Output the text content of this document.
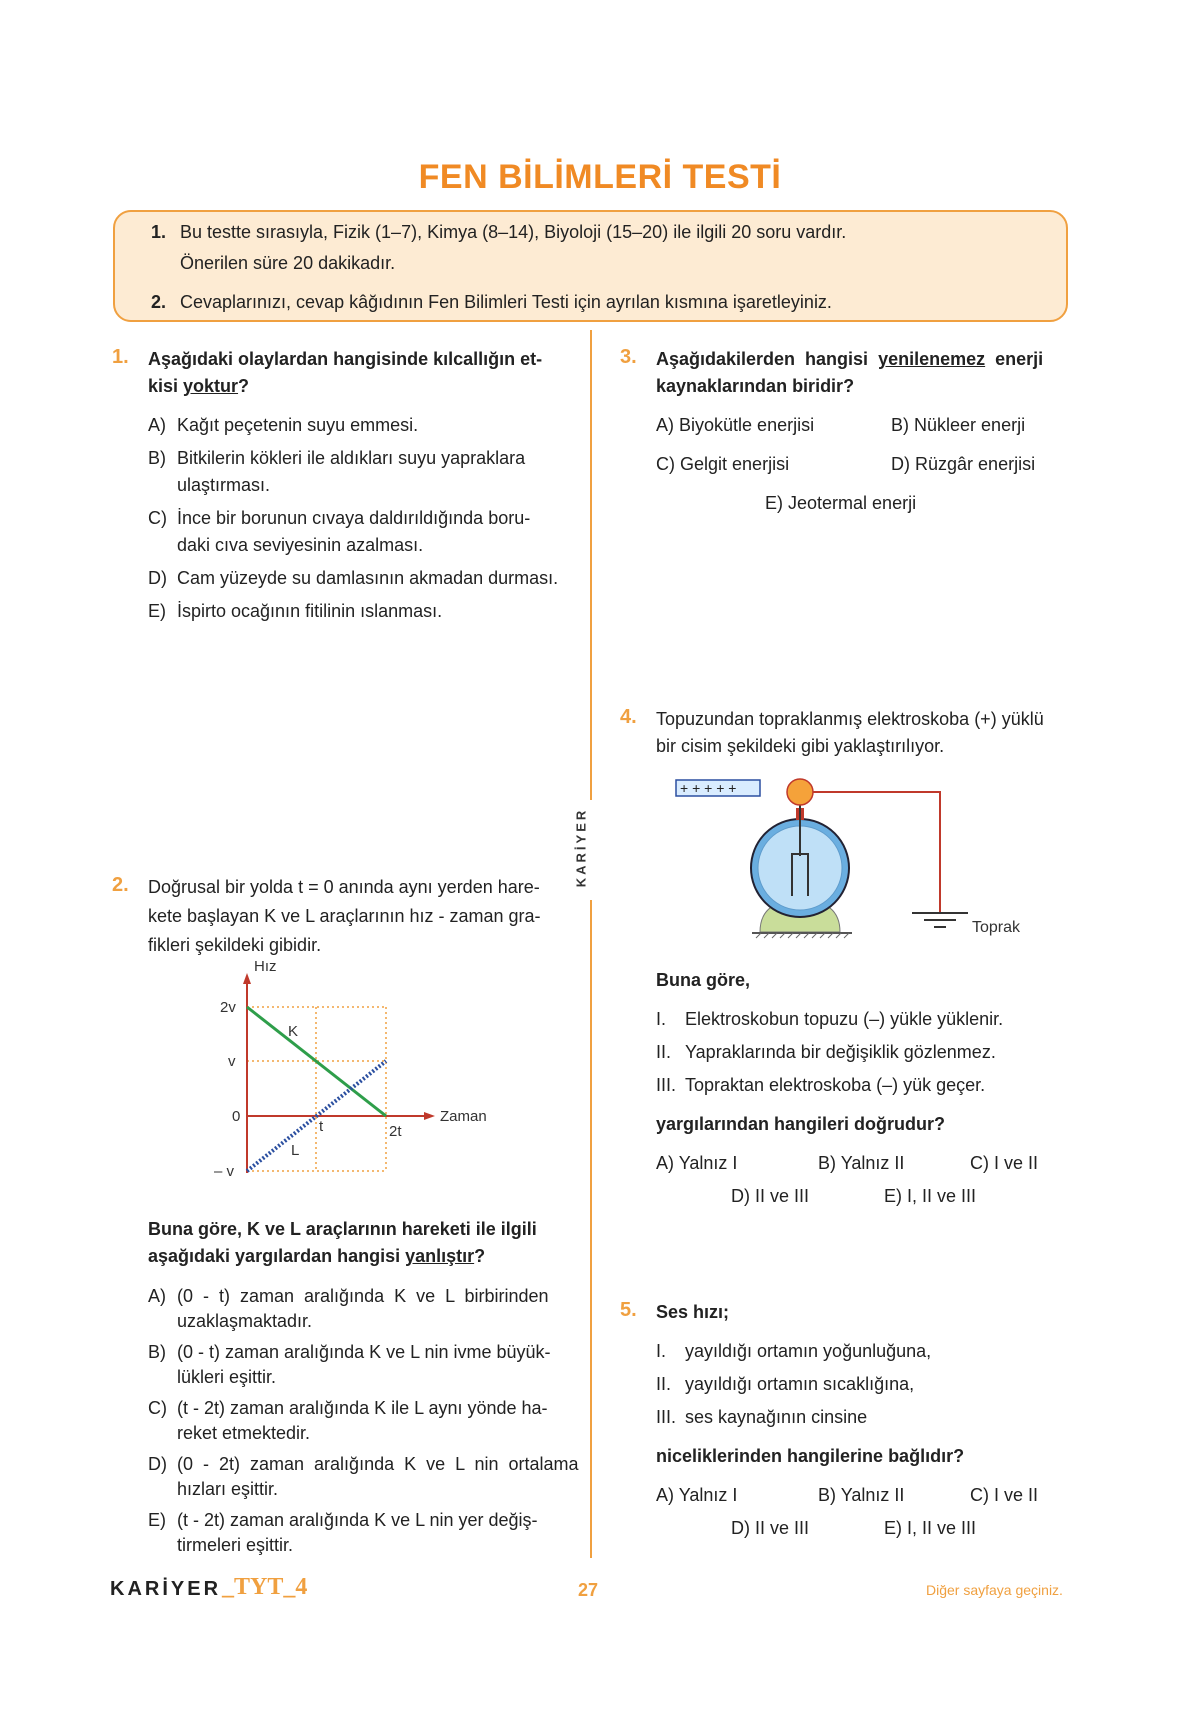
FEN BİLİMLERİ TESTİ
1. Bu testte sırasıyla, Fizik (1–7), Kimya (8–14), Biyoloji (15–20) ile ilgili 20 soru vardır.
Önerilen süre 20 dakikadır.
2. Cevaplarınızı, cevap kâğıdının Fen Bilimleri Testi için ayrılan kısmına işaretleyiniz.
KARİYER
1. Aşağıdaki olaylardan hangisinde kılcallığın et-
kisi yoktur?
A) Kağıt peçetenin suyu emmesi.
B) Bitkilerin kökleri ile aldıkları suyu yapraklara
ulaştırması.
C) İnce bir borunun cıvaya daldırıldığında boru-
daki cıva seviyesinin azalması.
D) Cam yüzeyde su damlasının akmadan durması.
E) İspirto ocağının fitilinin ıslanması.
2. Doğrusal bir yolda t = 0 anında aynı yerden hare-
kete başlayan K ve L araçlarının hız - zaman gra-
fikleri şekildeki gibidir.
Hız
Zaman
2v
v
0
– v
t	2t
K
L
Buna göre, K ve L araçlarının hareketi ile ilgili
aşağıdaki yargılardan hangisi yanlıştır?
A) (0  -  t)  zaman  aralığında  K  ve  L  birbirinden
uzaklaşmaktadır.
B) (0 - t) zaman aralığında K ve L nin ivme büyük-
lükleri eşittir.
C) (t - 2t) zaman aralığında K ile L aynı yönde ha-
reket etmektedir.
D) (0  -  2t)  zaman  aralığında  K  ve  L  nin  ortalama
hızları eşittir.
E) (t - 2t) zaman aralığında K ve L nin yer değiş-
tirmeleri eşittir.
3. Aşağıdakilerden  hangisi  yenilenemez  enerji
kaynaklarından biridir?
A) Biyokütle enerjisi	B) Nükleer enerji
C) Gelgit enerjisi	D) Rüzgâr enerjisi
E) Jeotermal enerji
4. Topuzundan topraklanmış elektroskoba (+) yüklü
bir cisim şekildeki gibi yaklaştırılıyor.
+ + + + +
Toprak
Buna göre,
I. Elektroskobun topuzu (–) yükle yüklenir.
II. Yapraklarında bir değişiklik gözlenmez.
III. Topraktan elektroskoba (–) yük geçer.
yargılarından hangileri doğrudur?
A) Yalnız I	B) Yalnız II	C) I ve II
D) II ve III	E) I, II ve III
5. Ses hızı;
I. yayıldığı ortamın yoğunluğuna,
II. yayıldığı ortamın sıcaklığına,
III. ses kaynağının cinsine
niceliklerinden hangilerine bağlıdır?
A) Yalnız I	B) Yalnız II	C) I ve II
D) II ve III	E) I, II ve III
KARİYER _TYT_4	27	Diğer sayfaya geçiniz.
